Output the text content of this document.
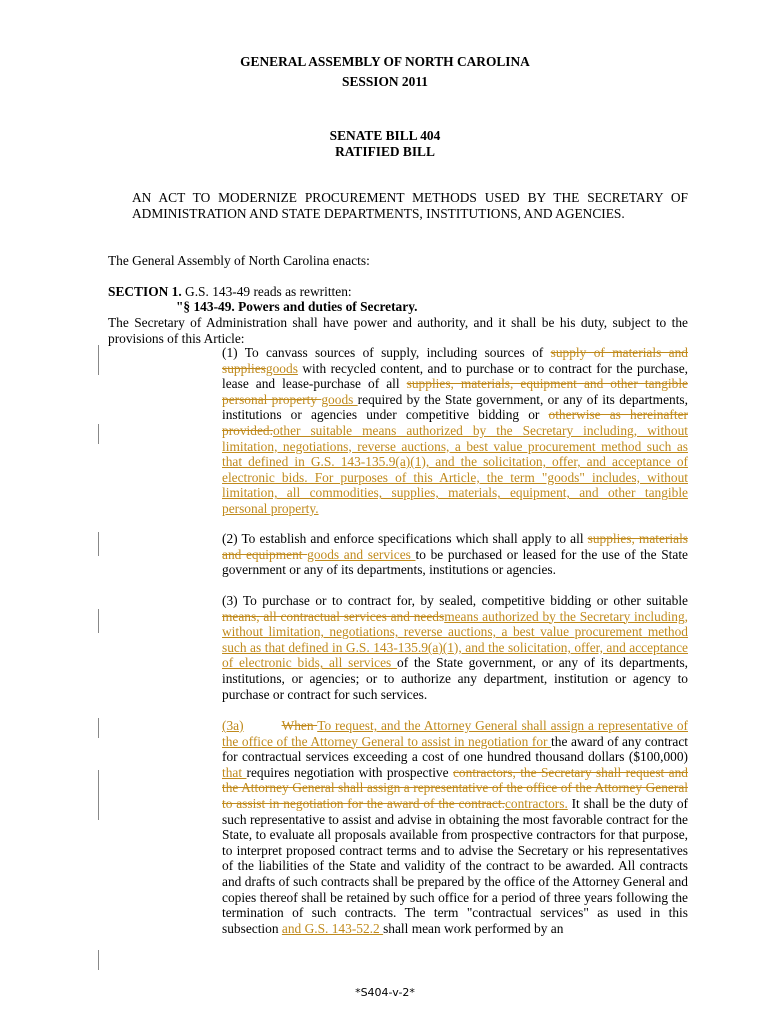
GENERAL ASSEMBLY OF NORTH CAROLINA
SESSION 2011
SENATE BILL 404
RATIFIED BILL
AN ACT TO MODERNIZE PROCUREMENT METHODS USED BY THE SECRETARY OF ADMINISTRATION AND STATE DEPARTMENTS, INSTITUTIONS, AND AGENCIES.
The General Assembly of North Carolina enacts:
SECTION 1. G.S. 143-49 reads as rewritten:
"§ 143-49. Powers and duties of Secretary.
The Secretary of Administration shall have power and authority, and it shall be his duty, subject to the provisions of this Article:
(1) To canvass sources of supply, including sources of supply of materials and suppliesgoods with recycled content, and to purchase or to contract for the purchase, lease and lease-purchase of all supplies, materials, equipment and other tangible personal property goods required by the State government, or any of its departments, institutions or agencies under competitive bidding or otherwise as hereinafter provided.other suitable means authorized by the Secretary including, without limitation, negotiations, reverse auctions, a best value procurement method such as that defined in G.S. 143-135.9(a)(1), and the solicitation, offer, and acceptance of electronic bids. For purposes of this Article, the term "goods" includes, without limitation, all commodities, supplies, materials, equipment, and other tangible personal property.
(2) To establish and enforce specifications which shall apply to all supplies, materials and equipment goods and services to be purchased or leased for the use of the State government or any of its departments, institutions or agencies.
(3) To purchase or to contract for, by sealed, competitive bidding or other suitable means, all contractual services and needsmeans authorized by the Secretary including, without limitation, negotiations, reverse auctions, a best value procurement method such as that defined in G.S. 143-135.9(a)(1), and the solicitation, offer, and acceptance of electronic bids, all services of the State government, or any of its departments, institutions, or agencies; or to authorize any department, institution or agency to purchase or contract for such services.
(3a)	When To request, and the Attorney General shall assign a representative of the office of the Attorney General to assist in negotiation for the award of any contract for contractual services exceeding a cost of one hundred thousand dollars ($100,000) that requires negotiation with prospective contractors, the Secretary shall request and the Attorney General shall assign a representative of the office of the Attorney General to assist in negotiation for the award of the contract.contractors. It shall be the duty of such representative to assist and advise in obtaining the most favorable contract for the State, to evaluate all proposals available from prospective contractors for that purpose, to interpret proposed contract terms and to advise the Secretary or his representatives of the liabilities of the State and validity of the contract to be awarded. All contracts and drafts of such contracts shall be prepared by the office of the Attorney General and copies thereof shall be retained by such office for a period of three years following the termination of such contracts. The term "contractual services" as used in this subsection and G.S. 143-52.2 shall mean work performed by an
*S404-v-2*
